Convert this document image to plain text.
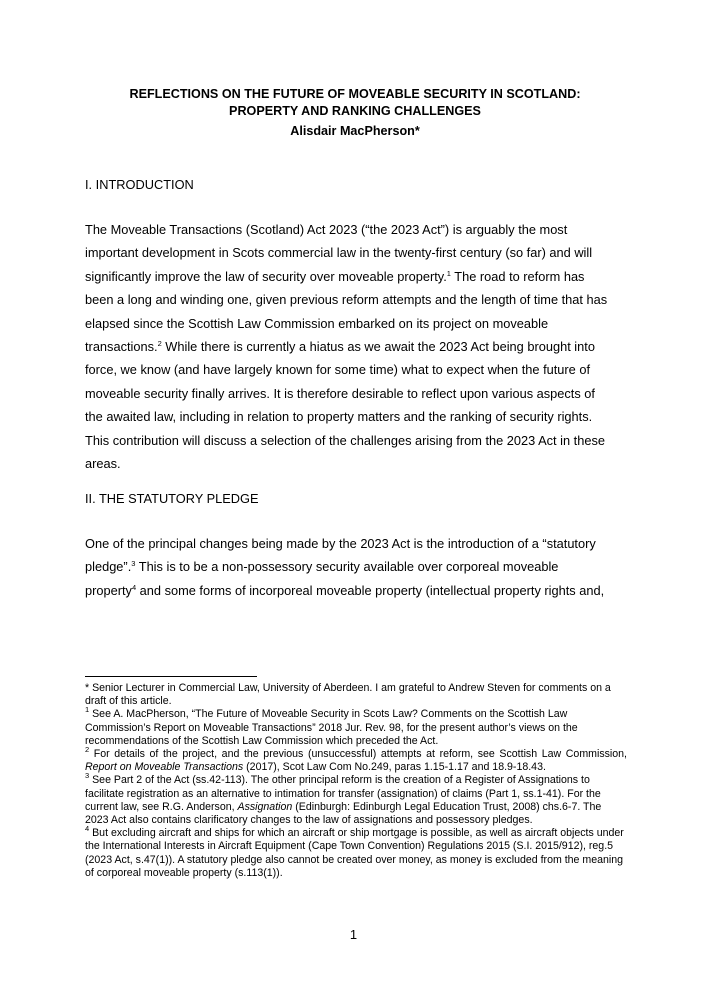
REFLECTIONS ON THE FUTURE OF MOVEABLE SECURITY IN SCOTLAND:
PROPERTY AND RANKING CHALLENGES
Alisdair MacPherson*
I. INTRODUCTION
The Moveable Transactions (Scotland) Act 2023 (“the 2023 Act”) is arguably the most
important development in Scots commercial law in the twenty-first century (so far) and will
significantly improve the law of security over moveable property.$^1$ The road to reform has
been a long and winding one, given previous reform attempts and the length of time that has
elapsed since the Scottish Law Commission embarked on its project on moveable
transactions.$^2$ While there is currently a hiatus as we await the 2023 Act being brought into
force, we know (and have largely known for some time) what to expect when the future of
moveable security finally arrives. It is therefore desirable to reflect upon various aspects of
the awaited law, including in relation to property matters and the ranking of security rights.
This contribution will discuss a selection of the challenges arising from the 2023 Act in these
areas.
II. THE STATUTORY PLEDGE
One of the principal changes being made by the 2023 Act is the introduction of a “statutory
pledge”.$^3$ This is to be a non-possessory security available over corporeal moveable
property$^4$ and some forms of incorporeal moveable property (intellectual property rights and,

* Senior Lecturer in Commercial Law, University of Aberdeen. I am grateful to Andrew Steven for comments on a draft of this article.

$^1$ See A. MacPherson, “The Future of Moveable Security in Scots Law? Comments on the Scottish Law Commission’s Report on Moveable Transactions” 2018 Jur. Rev. 98, for the present author’s views on the recommendations of the Scottish Law Commission which preceded the Act.

$^2$ For details of the project, and the previous (unsuccessful) attempts at reform, see Scottish Law Commission, Report on Moveable Transactions (2017), Scot Law Com No.249, paras 1.15-1.17 and 18.9-18.43.

$^3$ See Part 2 of the Act (ss.42-113). The other principal reform is the creation of a Register of Assignations to facilitate registration as an alternative to intimation for transfer (assignation) of claims (Part 1, ss.1-41). For the current law, see R.G. Anderson, Assignation (Edinburgh: Edinburgh Legal Education Trust, 2008) chs.6-7. The 2023 Act also contains clarificatory changes to the law of assignations and possessory pledges.

$^4$ But excluding aircraft and ships for which an aircraft or ship mortgage is possible, as well as aircraft objects under the International Interests in Aircraft Equipment (Cape Town Convention) Regulations 2015 (S.I. 2015/912), reg.5 (2023 Act, s.47(1)). A statutory pledge also cannot be created over money, as money is excluded from the meaning of corporeal moveable property (s.113(1)).

1
